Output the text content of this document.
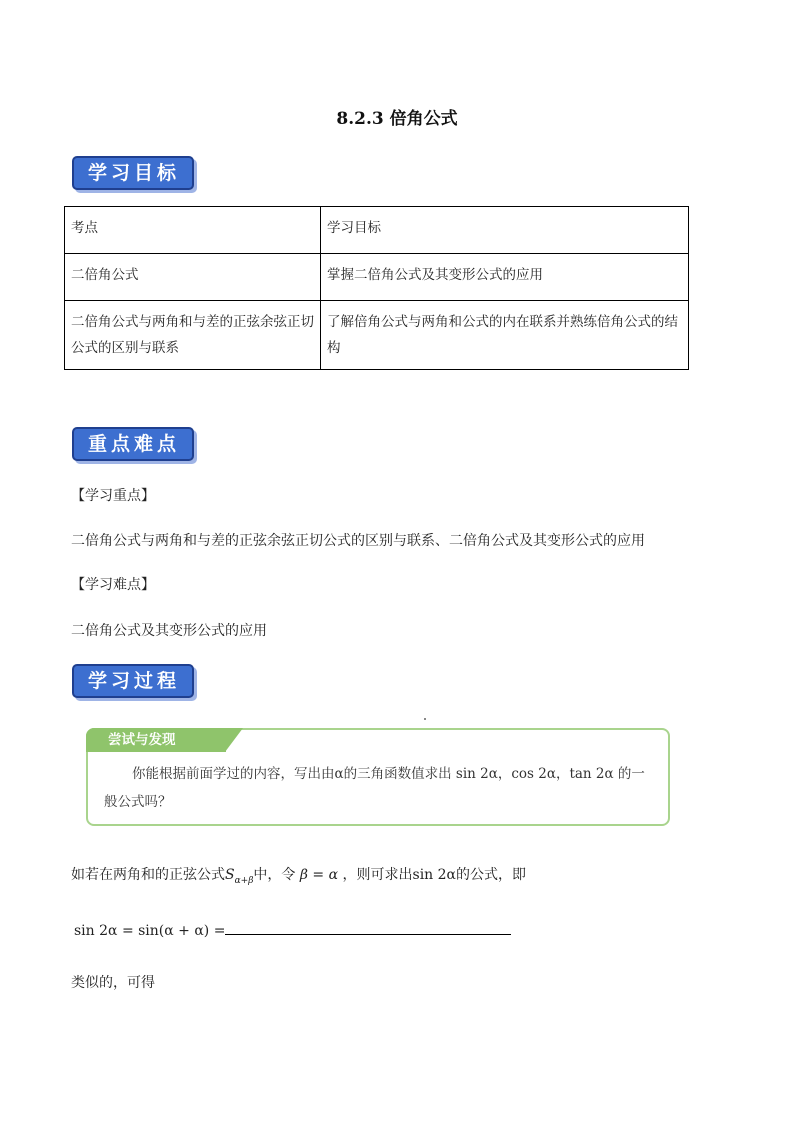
8.2.3 倍角公式
学习目标
考点	学习目标
二倍角公式	掌握二倍角公式及其变形公式的应用
二倍角公式与两角和与差的正弦余弦正切公式的区别与联系	了解倍角公式与两角和公式的内在联系并熟练倍角公式的结构
重点难点
【学习重点】
二倍角公式与两角和与差的正弦余弦正切公式的区别与联系、二倍角公式及其变形公式的应用
【学习难点】
二倍角公式及其变形公式的应用
学习过程
尝试与发现
你能根据前面学过的内容，写出由α的三角函数值求出 sin 2α，cos 2α，tan 2α 的一般公式吗？
如若在两角和的正弦公式$S_{\alpha+\beta}$中，令 β = α ，则可求出sin 2α的公式，即
sin 2α = sin(α + α) =
类似的，可得
